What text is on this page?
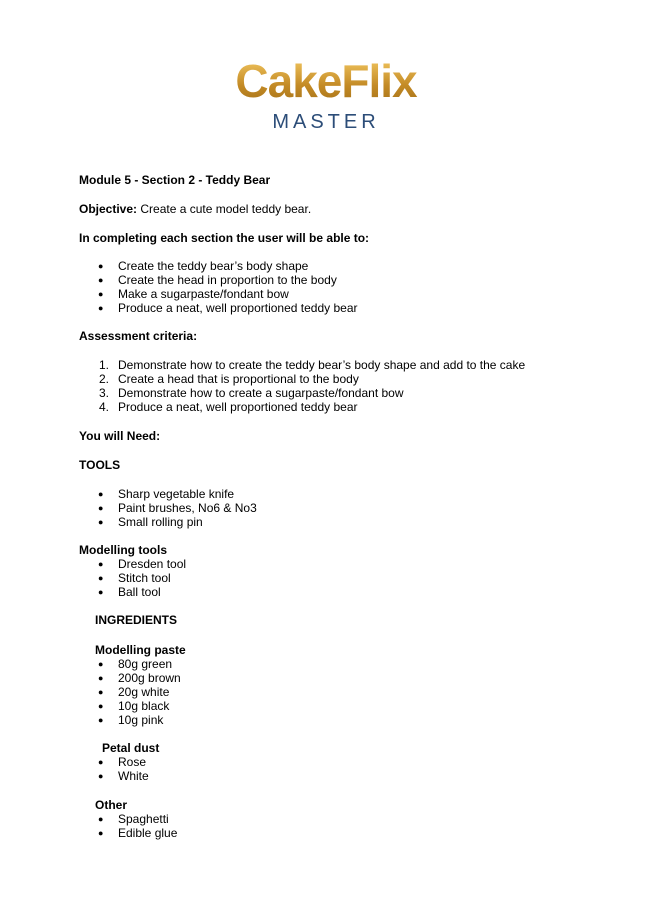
CakeFlix
MASTER
Module 5 - Section 2 - Teddy Bear
Objective: Create a cute model teddy bear.
In completing each section the user will be able to:
●	Create the teddy bear’s body shape
●	Create the head in proportion to the body
●	Make a sugarpaste/fondant bow
●	Produce a neat, well proportioned teddy bear
Assessment criteria:
1. Demonstrate how to create the teddy bear’s body shape and add to the cake
2. Create a head that is proportional to the body
3. Demonstrate how to create a sugarpaste/fondant bow
4. Produce a neat, well proportioned teddy bear
You will Need:
TOOLS
●	Sharp vegetable knife
●	Paint brushes, No6 & No3
●	Small rolling pin
Modelling tools
●	Dresden tool
●	Stitch tool
●	Ball tool
INGREDIENTS
Modelling paste
●	80g green
●	200g brown
●	20g white
●	10g black
●	10g pink
Petal dust
●	Rose
●	White
Other
●	Spaghetti
●	Edible glue
